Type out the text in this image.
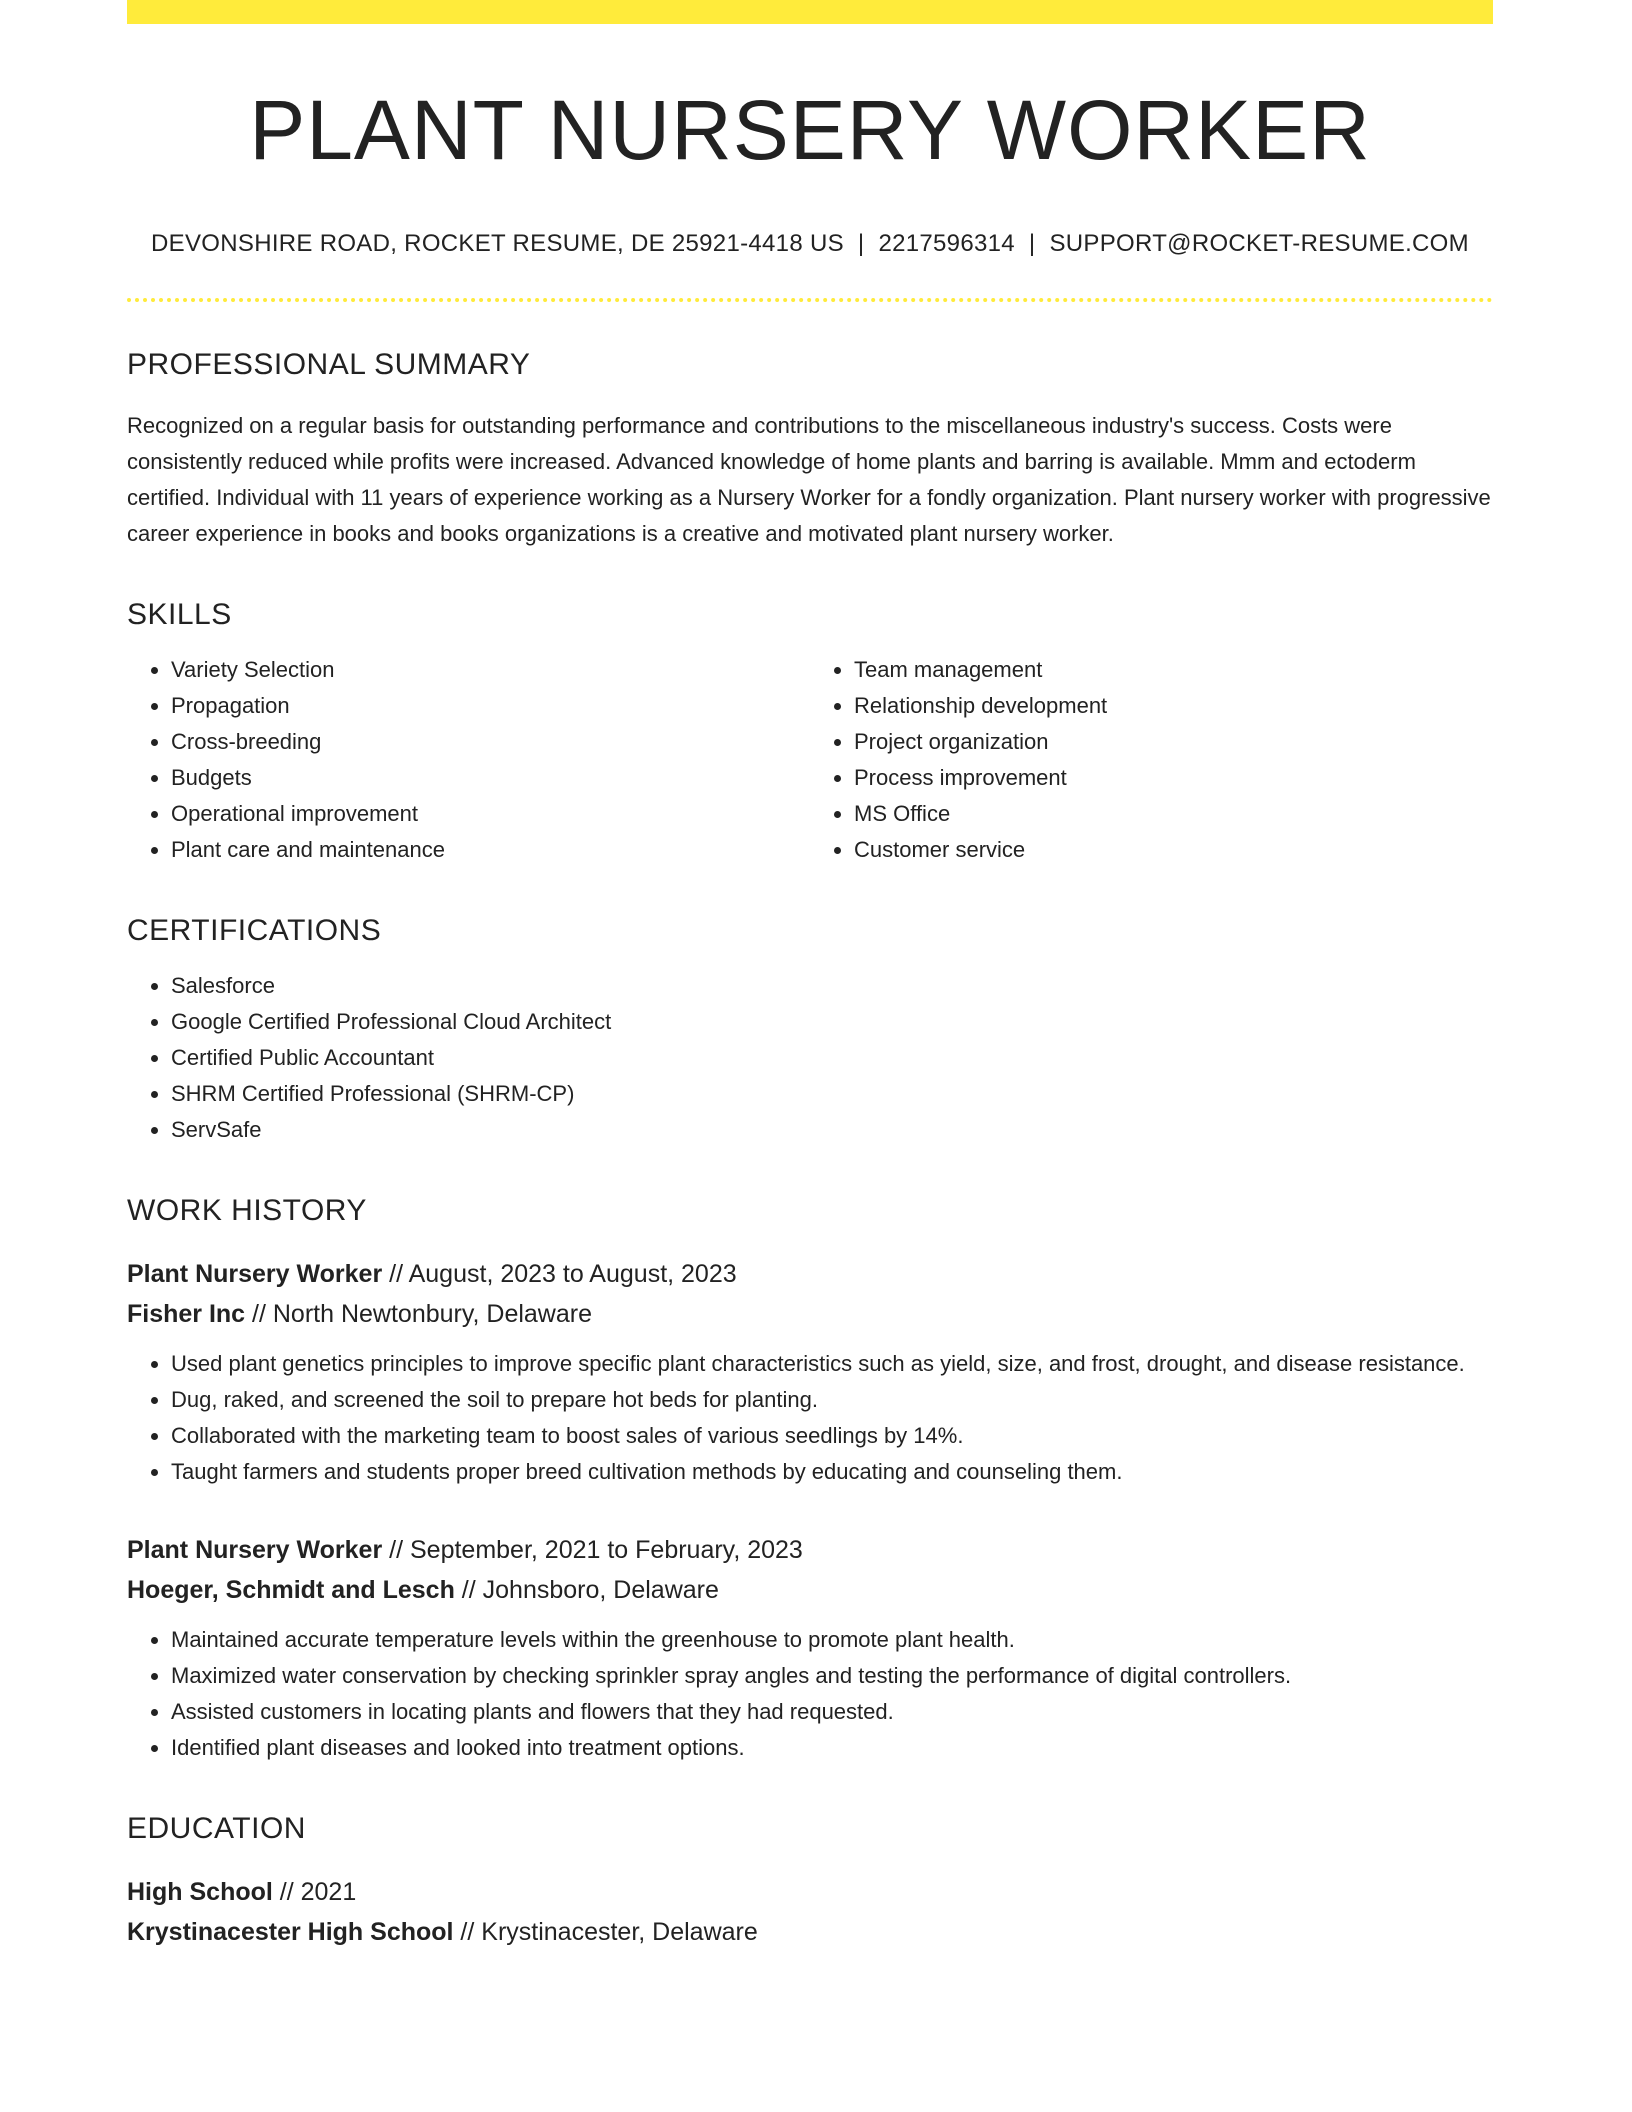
PLANT NURSERY WORKER
DEVONSHIRE ROAD, ROCKET RESUME, DE 25921-4418 US | 2217596314 | SUPPORT@ROCKET-RESUME.COM
PROFESSIONAL SUMMARY

Recognized on a regular basis for outstanding performance and contributions to the miscellaneous industry's success. Costs were consistently reduced while profits were increased. Advanced knowledge of home plants and barring is available. Mmm and ectoderm certified. Individual with 11 years of experience working as a Nursery Worker for a fondly organization. Plant nursery worker with progressive career experience in books and books organizations is a creative and motivated plant nursery worker.

SKILLS
• Variety Selection
• Propagation
• Cross-breeding
• Budgets
• Operational improvement
• Plant care and maintenance
• Team management
• Relationship development
• Project organization
• Process improvement
• MS Office
• Customer service
CERTIFICATIONS
• Salesforce
• Google Certified Professional Cloud Architect
• Certified Public Accountant
• SHRM Certified Professional (SHRM-CP)
• ServSafe
WORK HISTORY
Plant Nursery Worker // August, 2023 to August, 2023
Fisher Inc // North Newtonbury, Delaware
• Used plant genetics principles to improve specific plant characteristics such as yield, size, and frost, drought, and disease resistance.
• Dug, raked, and screened the soil to prepare hot beds for planting.
• Collaborated with the marketing team to boost sales of various seedlings by 14%.
• Taught farmers and students proper breed cultivation methods by educating and counseling them.
Plant Nursery Worker // September, 2021 to February, 2023
Hoeger, Schmidt and Lesch // Johnsboro, Delaware
• Maintained accurate temperature levels within the greenhouse to promote plant health.
• Maximized water conservation by checking sprinkler spray angles and testing the performance of digital controllers.
• Assisted customers in locating plants and flowers that they had requested.
• Identified plant diseases and looked into treatment options.
EDUCATION
High School // 2021
Krystinacester High School // Krystinacester, Delaware
